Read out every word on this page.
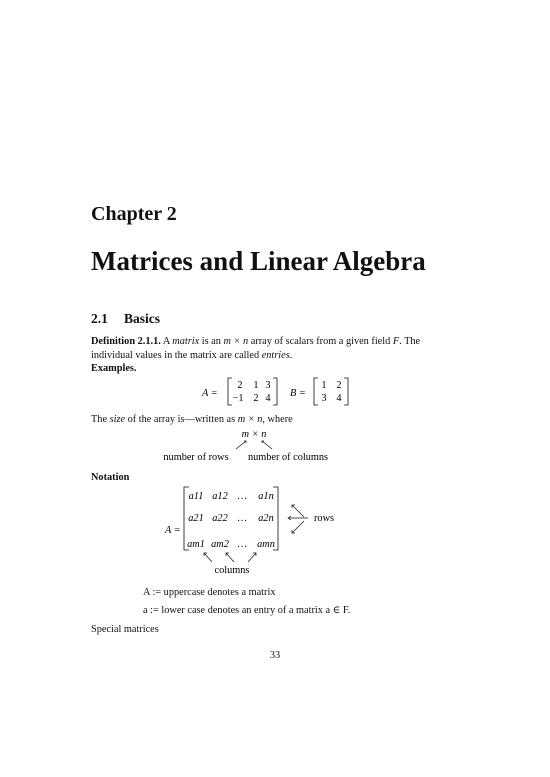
Chapter 2
Matrices and Linear Algebra
2.1 Basics
Definition 2.1.1. A matrix is an m × n array of scalars from a given field F. The individual values in the matrix are called entries.
Examples.
A =
2 1 3
−1 2 4 B =
1 2
3 4
m × n
number of rows number of columns
A =
a11 a12 … a1n
a21 a22 … a2n
am1 am2 … amn
rows
columns
The size of the array is—written as m × n, where
Notation
A := uppercase denotes a matrix
a := lower case denotes an entry of a matrix a ∈ F.
Special matrices
33
